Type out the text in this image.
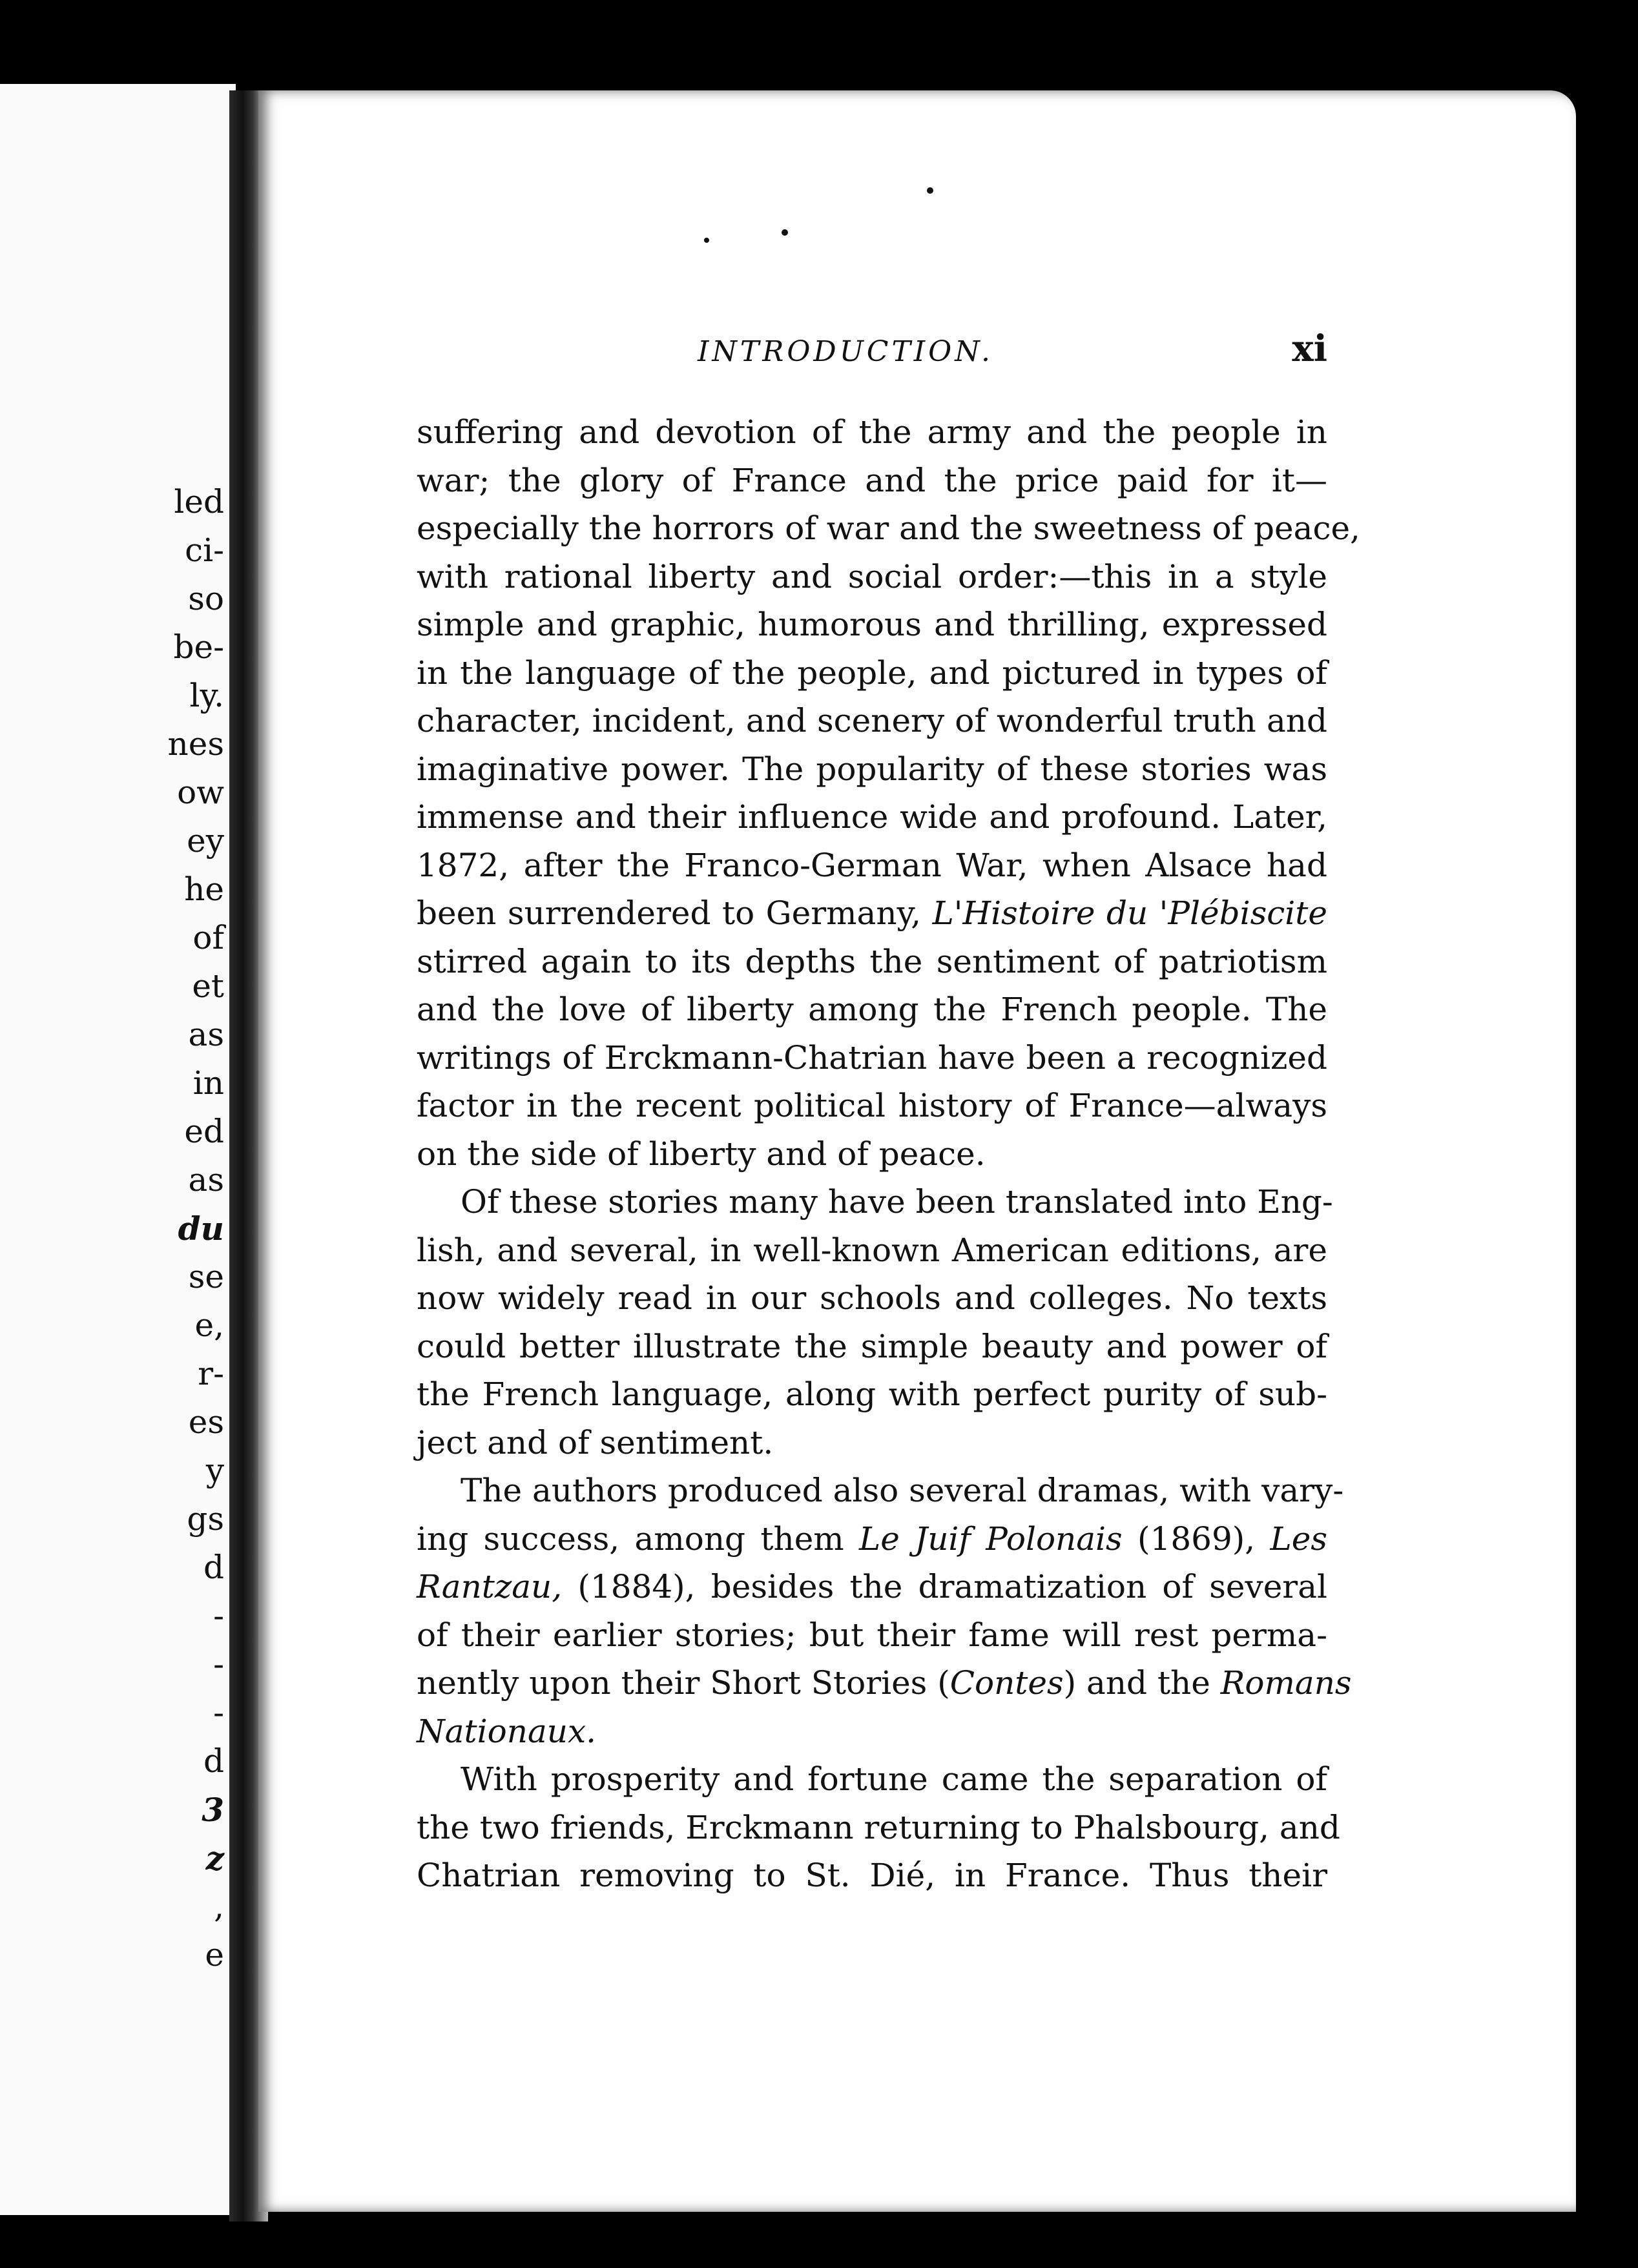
led
ci-
so
be-
ly.
nes
ow
ey
he
of
et
as
in
ed
as
du
se
e,
r-
es
y
gs
d
-
-
-
d
3
z
,
e
INTRODUCTION.	xi
suffering and devotion of the army and the people in
war; the glory of France and the price paid for it—
especially the horrors of war and the sweetness of peace,
with rational liberty and social order:—this in a style
simple and graphic, humorous and thrilling, expressed
in the language of the people, and pictured in types of
character, incident, and scenery of wonderful truth and
imaginative power. The popularity of these stories was
immense and their influence wide and profound. Later,
1872, after the Franco-German War, when Alsace had
been surrendered to Germany, L'Histoire du 'Plébiscite
stirred again to its depths the sentiment of patriotism
and the love of liberty among the French people. The
writings of Erckmann-Chatrian have been a recognized
factor in the recent political history of France—always
on the side of liberty and of peace.
Of these stories many have been translated into Eng-
lish, and several, in well-known American editions, are
now widely read in our schools and colleges. No texts
could better illustrate the simple beauty and power of
the French language, along with perfect purity of sub-
ject and of sentiment.
The authors produced also several dramas, with vary-
ing success, among them Le Juif Polonais (1869), Les
Rantzau, (1884), besides the dramatization of several
of their earlier stories; but their fame will rest perma-
nently upon their Short Stories (Contes) and the Romans
Nationaux.
With prosperity and fortune came the separation of
the two friends, Erckmann returning to Phalsbourg, and
Chatrian removing to St. Dié, in France. Thus their
